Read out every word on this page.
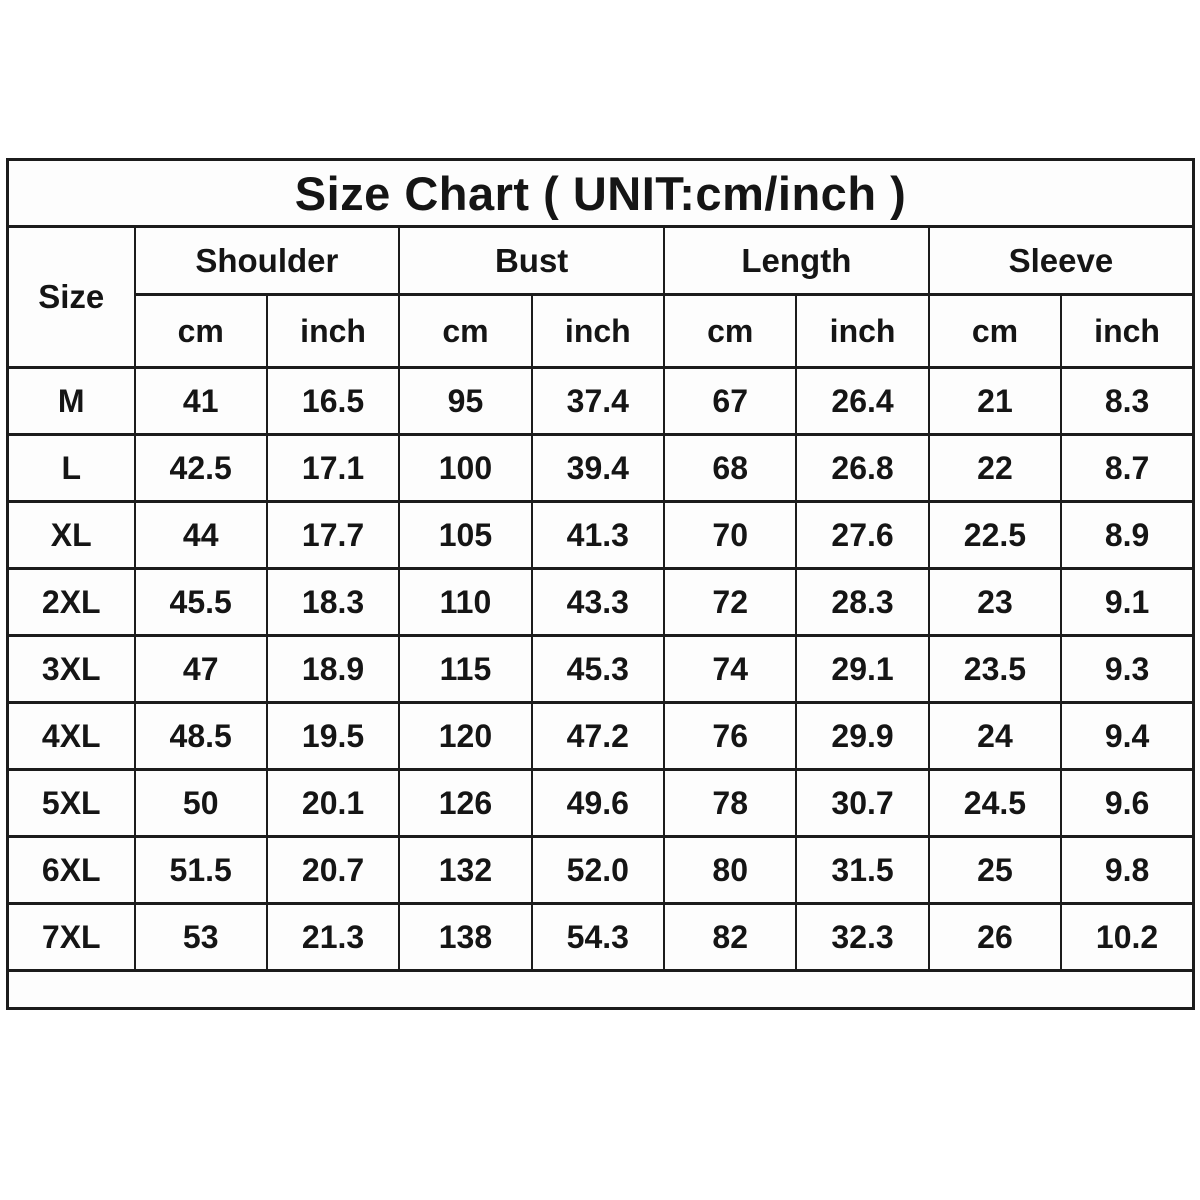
Size Chart ( UNIT:cm/inch )								
Size	Shoulder		Bust		Length		Sleeve	
	cm	inch	cm	inch	cm	inch	cm	inch
M	41	16.5	95	37.4	67	26.4	21	8.3
L	42.5	17.1	100	39.4	68	26.8	22	8.7
XL	44	17.7	105	41.3	70	27.6	22.5	8.9
2XL	45.5	18.3	110	43.3	72	28.3	23	9.1
3XL	47	18.9	115	45.3	74	29.1	23.5	9.3
4XL	48.5	19.5	120	47.2	76	29.9	24	9.4
5XL	50	20.1	126	49.6	78	30.7	24.5	9.6
6XL	51.5	20.7	132	52.0	80	31.5	25	9.8
7XL	53	21.3	138	54.3	82	32.3	26	10.2
